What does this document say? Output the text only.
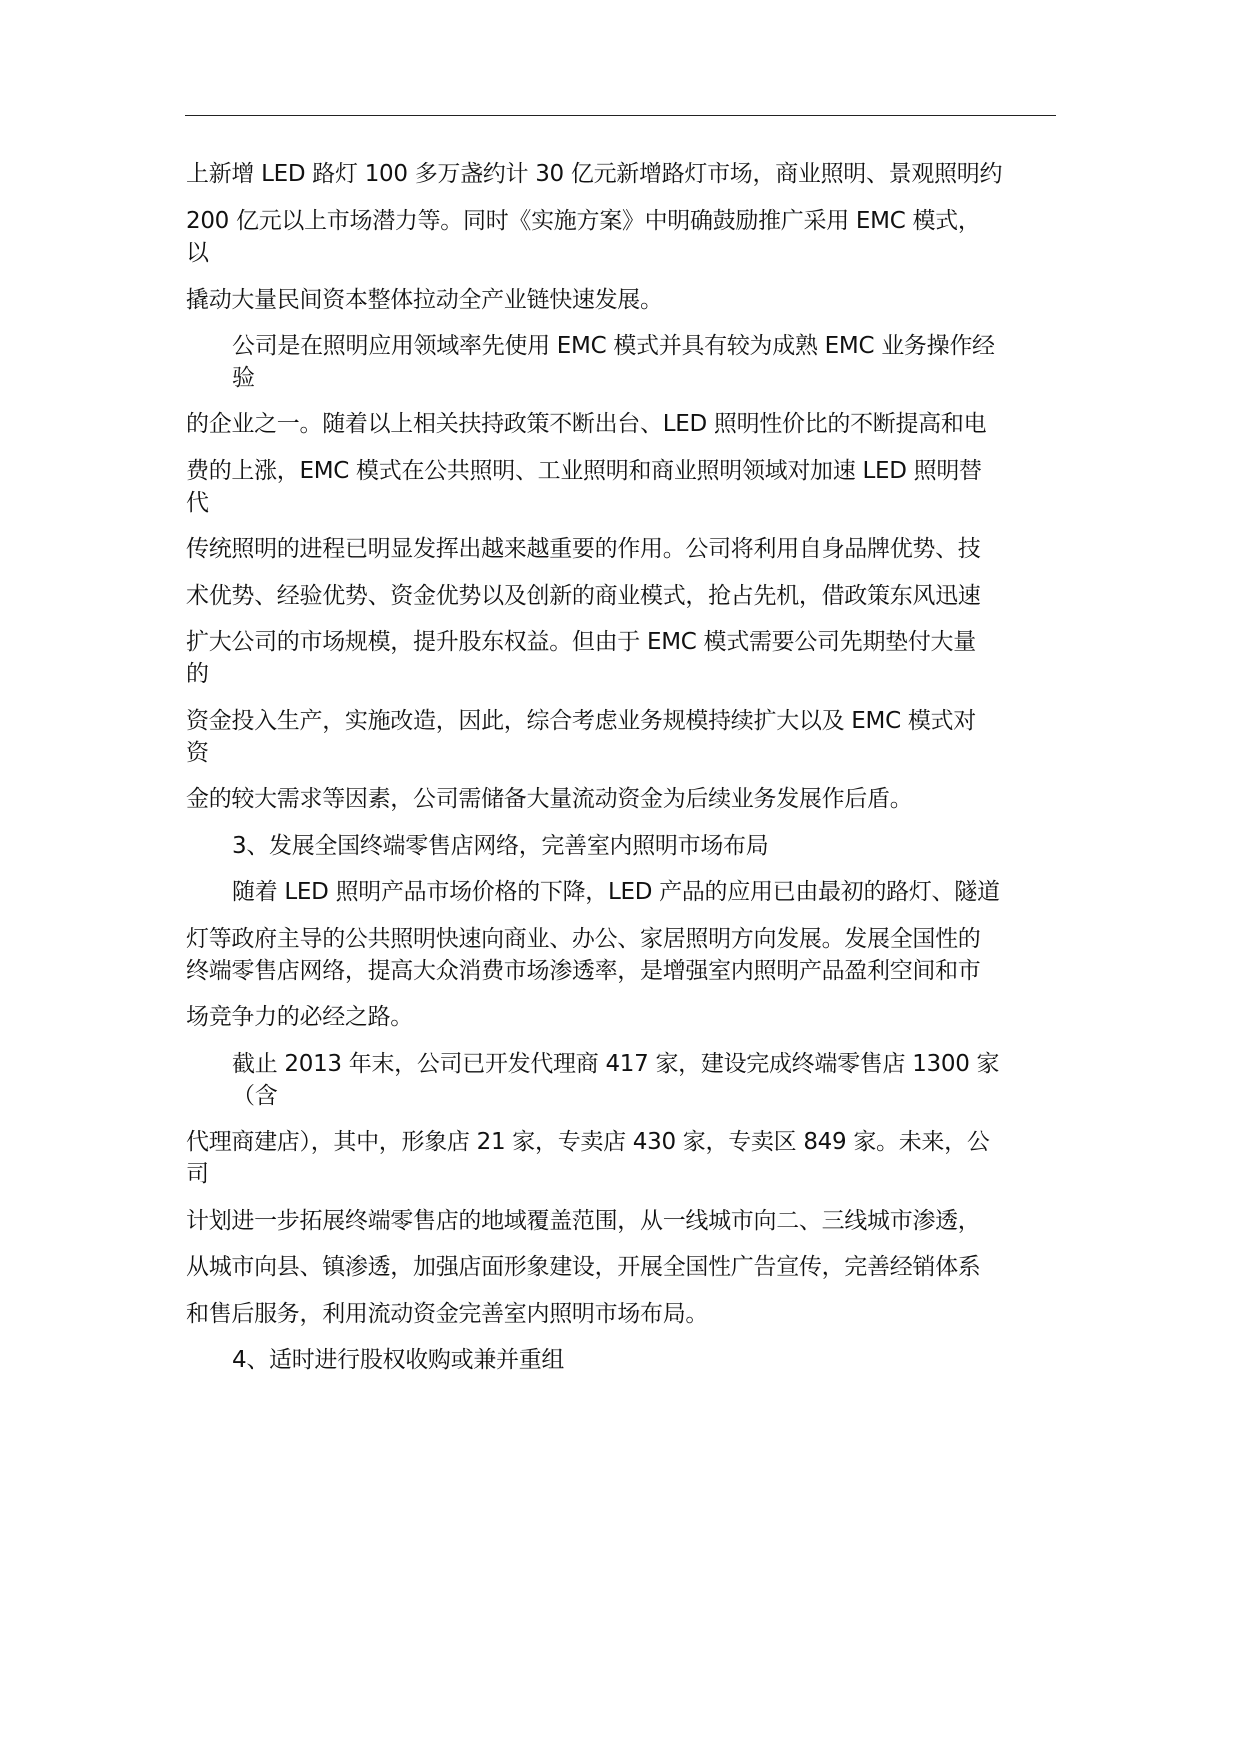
上新增 LED 路灯 100 多万盏约计 30 亿元新增路灯市场，商业照明、景观照明约
200 亿元以上市场潜力等。同时《实施方案》中明确鼓励推广采用 EMC 模式，
以
撬动大量民间资本整体拉动全产业链快速发展。
公司是在照明应用领域率先使用 EMC 模式并具有较为成熟 EMC 业务操作经
验
的企业之一。随着以上相关扶持政策不断出台、LED 照明性价比的不断提高和电
费的上涨，EMC 模式在公共照明、工业照明和商业照明领域对加速 LED 照明替
代
传统照明的进程已明显发挥出越来越重要的作用。公司将利用自身品牌优势、技
术优势、经验优势、资金优势以及创新的商业模式，抢占先机，借政策东风迅速
扩大公司的市场规模，提升股东权益。但由于 EMC 模式需要公司先期垫付大量
的
资金投入生产，实施改造，因此，综合考虑业务规模持续扩大以及 EMC 模式对
资
金的较大需求等因素，公司需储备大量流动资金为后续业务发展作后盾。
3、发展全国终端零售店网络，完善室内照明市场布局
随着 LED 照明产品市场价格的下降，LED 产品的应用已由最初的路灯、隧道
灯等政府主导的公共照明快速向商业、办公、家居照明方向发展。发展全国性的
终端零售店网络，提高大众消费市场渗透率，是增强室内照明产品盈利空间和市
场竞争力的必经之路。
截止 2013 年末，公司已开发代理商 417 家，建设完成终端零售店 1300 家
（含
代理商建店），其中，形象店 21 家，专卖店 430 家，专卖区 849 家。未来，公
司
计划进一步拓展终端零售店的地域覆盖范围，从一线城市向二、三线城市渗透，
从城市向县、镇渗透，加强店面形象建设，开展全国性广告宣传，完善经销体系
和售后服务，利用流动资金完善室内照明市场布局。
4、适时进行股权收购或兼并重组
